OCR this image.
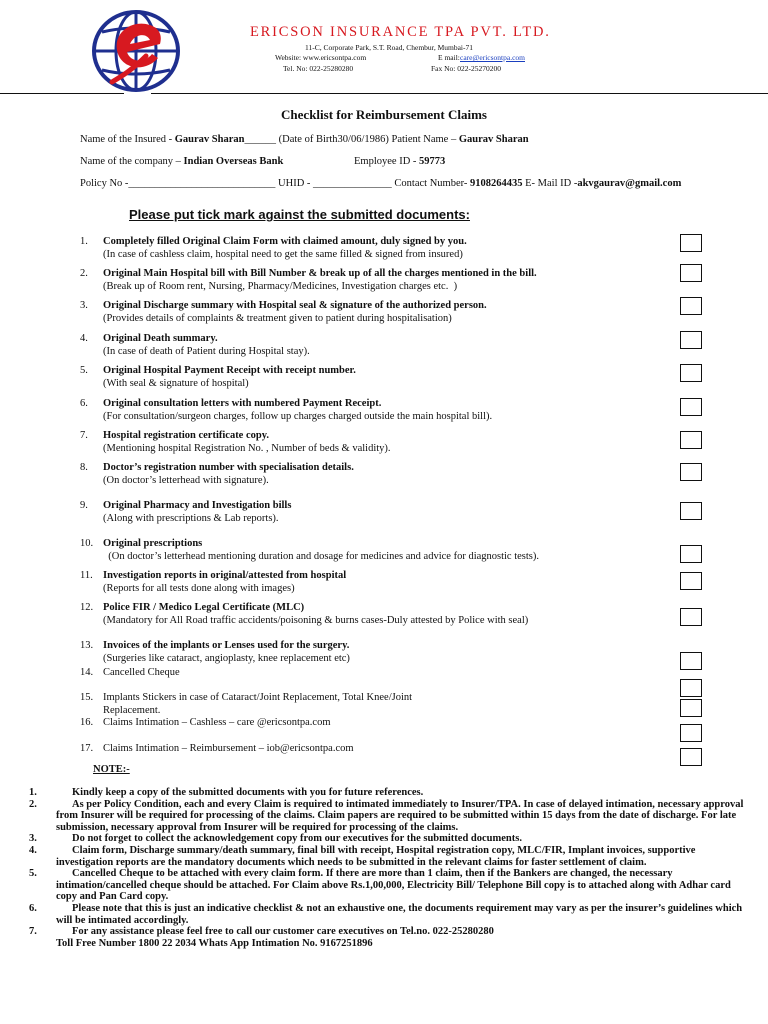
ERICSON INSURANCE TPA PVT. LTD.
11-C, Corporate Park, S.T. Road, Chembur, Mumbai-71
Website: www.ericsontpa.com	E mail: care@ericsontpa.com
Tel. No: 022-25280280	Fax No: 022-25270200
Checklist for Reimbursement Claims
Name of the Insured - Gaurav Sharan______ (Date of Birth30/06/1986) Patient Name – Gaurav Sharan
Name of the company – Indian Overseas Bank	Employee ID - 59773
Policy No -____________________________ UHID - _______________ Contact Number- 9108264435 E- Mail ID -akvgaurav@gmail.com
Please put tick mark against the submitted documents:
1. Completely filled Original Claim Form with claimed amount, duly signed by you.
(In case of cashless claim, hospital need to get the same filled & signed from insured)
2. Original Main Hospital bill with Bill Number & break up of all the charges mentioned in the bill.
(Break up of Room rent, Nursing, Pharmacy/Medicines, Investigation charges etc.  )
3. Original Discharge summary with Hospital seal & signature of the authorized person.
(Provides details of complaints & treatment given to patient during hospitalisation)
4. Original Death summary.
(In case of death of Patient during Hospital stay).
5. Original Hospital Payment Receipt with receipt number.
(With seal & signature of hospital)
6. Original consultation letters with numbered Payment Receipt.
(For consultation/surgeon charges, follow up charges charged outside the main hospital bill).
7. Hospital registration certificate copy.
(Mentioning hospital Registration No. , Number of beds & validity).
8. Doctor’s registration number with specialisation details.
(On doctor’s letterhead with signature).
9. Original Pharmacy and Investigation bills
(Along with prescriptions & Lab reports).
10. Original prescriptions
(On doctor’s letterhead mentioning duration and dosage for medicines and advice for diagnostic tests).
11. Investigation reports in original/attested from hospital
(Reports for all tests done along with images)
12. Police FIR / Medico Legal Certificate (MLC)
(Mandatory for All Road traffic accidents/poisoning & burns cases-Duly attested by Police with seal)
13. Invoices of the implants or Lenses used for the surgery.
(Surgeries like cataract, angioplasty, knee replacement etc)
14. Cancelled Cheque
15. Implants Stickers in case of Cataract/Joint Replacement, Total Knee/Joint
Replacement.
16. Claims Intimation – Cashless – care @ericsontpa.com
17. Claims Intimation – Reimbursement – iob@ericsontpa.com
NOTE:-
1.	Kindly keep a copy of the submitted documents with you for future references.
2.	As per Policy Condition, each and every Claim is required to intimated immediately to Insurer/TPA. In case of delayed intimation, necessary approval from Insurer will be required for processing of the claims. Claim papers are required to be submitted within 15 days from the date of discharge. For late submission, necessary approval from Insurer will be required for processing of the claims.
3.	Do not forget to collect the acknowledgement copy from our executives for the submitted documents.
4.	Claim form, Discharge summary/death summary, final bill with receipt, Hospital registration copy, MLC/FIR, Implant invoices, supportive investigation reports are the mandatory documents which needs to be submitted in the relevant claims for faster settlement of claim.
5.	Cancelled Cheque to be attached with every claim form. If there are more than 1 claim, then if the Bankers are changed, the necessary intimation/cancelled cheque should be attached. For Claim above Rs.1,00,000, Electricity Bill/ Telephone Bill copy is to attached along with Adhar card copy and Pan Card copy.
6.	Please note that this is just an indicative checklist & not an exhaustive one, the documents requirement may vary as per the insurer’s guidelines which will be intimated accordingly.
7.	For any assistance please feel free to call our customer care executives on Tel.no. 022-25280280
Toll Free Number 1800 22 2034 Whats App Intimation No. 9167251896
